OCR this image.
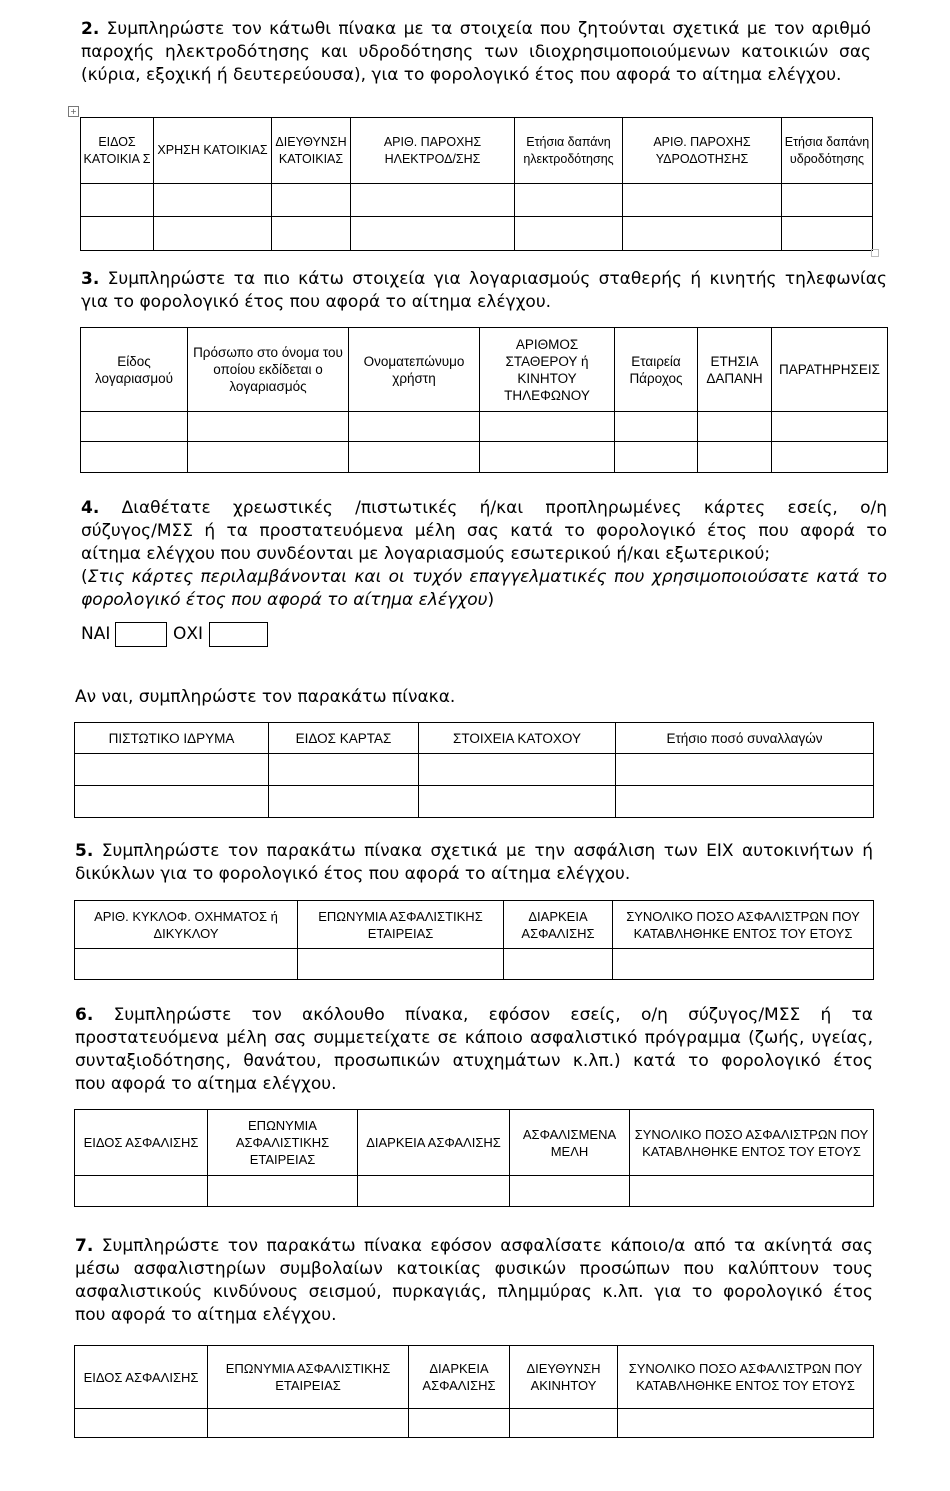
2. Συμπληρώστε τον κάτωθι πίνακα με τα στοιχεία που ζητούνται σχετικά με τον αριθμό
παροχής ηλεκτροδότησης και υδροδότησης των ιδιοχρησιμοποιούμενων κατοικιών σας
(κύρια, εξοχική ή δευτερεύουσα), για το φορολογικό έτος που αφορά το αίτημα ελέγχου.
+
ΕΙΔΟΣ ΚΑΤΟΙΚΙΑ Σ	ΧΡΗΣΗ ΚΑΤΟΙΚΙΑΣ	ΔΙΕΥΘΥΝΣΗ ΚΑΤΟΙΚΙΑΣ	ΑΡΙΘ. ΠΑΡΟΧΗΣ ΗΛΕΚΤΡΟΔ/ΣΗΣ	Ετήσια δαπάνη ηλεκτροδότησης	ΑΡΙΘ. ΠΑΡΟΧΗΣ ΥΔΡΟΔΟΤΗΣΗΣ	Ετήσια δαπάνη υδροδότησης

3. Συμπληρώστε τα πιο κάτω στοιχεία για λογαριασμούς σταθερής ή κινητής τηλεφωνίας
για το φορολογικό έτος που αφορά το αίτημα ελέγχου.
Είδος λογαριασμού	Πρόσωπο στο όνομα του οποίου εκδίδεται ο λογαριασμός	Ονοματεπώνυμο χρήστη	ΑΡΙΘΜΟΣ ΣΤΑΘΕΡΟΥ ή ΚΙΝΗΤΟΥ ΤΗΛΕΦΩΝΟΥ	Εταιρεία Πάροχος	ΕΤΗΣΙΑ ΔΑΠΑΝΗ	ΠΑΡΑΤΗΡΗΣΕΙΣ

4. Διαθέτατε χρεωστικές /πιστωτικές ή/και προπληρωμένες κάρτες εσείς, ο/η
σύζυγος/ΜΣΣ ή τα προστατευόμενα μέλη σας κατά το φορολογικό έτος που αφορά το
αίτημα ελέγχου που συνδέονται με λογαριασμούς εσωτερικού ή/και εξωτερικού;
(Στις κάρτες περιλαμβάνονται και οι τυχόν επαγγελματικές που χρησιμοποιούσατε κατά το
φορολογικό έτος που αφορά το αίτημα ελέγχου)
ΝΑΙ	ΟΧΙ
Αν ναι, συμπληρώστε τον παρακάτω πίνακα.
ΠΙΣΤΩΤΙΚΟ ΙΔΡΥΜΑ	ΕΙΔΟΣ ΚΑΡΤΑΣ	ΣΤΟΙΧΕΙΑ ΚΑΤΟΧΟΥ	Ετήσιο ποσό συναλλαγών

5. Συμπληρώστε τον παρακάτω πίνακα σχετικά με την ασφάλιση των ΕΙΧ αυτοκινήτων ή
δικύκλων για το φορολογικό έτος που αφορά το αίτημα ελέγχου.
ΑΡΙΘ. ΚΥΚΛΟΦ. ΟΧΗΜΑΤΟΣ ή ΔΙΚΥΚΛΟΥ	ΕΠΩΝΥΜΙΑ ΑΣΦΑΛΙΣΤΙΚΗΣ ΕΤΑΙΡΕΙΑΣ	ΔΙΑΡΚΕΙΑ ΑΣΦΑΛΙΣΗΣ	ΣΥΝΟΛΙΚΟ ΠΟΣΟ ΑΣΦΑΛΙΣΤΡΩΝ ΠΟΥ ΚΑΤΑΒΛΗΘΗΚΕ ΕΝΤΟΣ ΤΟΥ ΕΤΟΥΣ

6. Συμπληρώστε τον ακόλουθο πίνακα, εφόσον εσείς, ο/η σύζυγος/ΜΣΣ ή τα
προστατευόμενα μέλη σας συμμετείχατε σε κάποιο ασφαλιστικό πρόγραμμα (ζωής, υγείας,
συνταξιοδότησης, θανάτου, προσωπικών ατυχημάτων κ.λπ.) κατά το φορολογικό έτος
που αφορά το αίτημα ελέγχου.
ΕΙΔΟΣ ΑΣΦΑΛΙΣΗΣ	ΕΠΩΝΥΜΙΑ ΑΣΦΑΛΙΣΤΙΚΗΣ ΕΤΑΙΡΕΙΑΣ	ΔΙΑΡΚΕΙΑ ΑΣΦΑΛΙΣΗΣ	ΑΣΦΑΛΙΣΜΕΝΑ ΜΕΛΗ	ΣΥΝΟΛΙΚΟ ΠΟΣΟ ΑΣΦΑΛΙΣΤΡΩΝ ΠΟΥ ΚΑΤΑΒΛΗΘΗΚΕ ΕΝΤΟΣ ΤΟΥ ΕΤΟΥΣ

7. Συμπληρώστε τον παρακάτω πίνακα εφόσον ασφαλίσατε κάποιο/α από τα ακίνητά σας
μέσω ασφαλιστηρίων συμβολαίων κατοικίας φυσικών προσώπων που καλύπτουν τους
ασφαλιστικούς κινδύνους σεισμού, πυρκαγιάς, πλημμύρας κ.λπ. για το φορολογικό έτος
που αφορά το αίτημα ελέγχου.
ΕΙΔΟΣ ΑΣΦΑΛΙΣΗΣ	ΕΠΩΝΥΜΙΑ ΑΣΦΑΛΙΣΤΙΚΗΣ ΕΤΑΙΡΕΙΑΣ	ΔΙΑΡΚΕΙΑ ΑΣΦΑΛΙΣΗΣ	ΔΙΕΥΘΥΝΣΗ ΑΚΙΝΗΤΟΥ	ΣΥΝΟΛΙΚΟ ΠΟΣΟ ΑΣΦΑΛΙΣΤΡΩΝ ΠΟΥ ΚΑΤΑΒΛΗΘΗΚΕ ΕΝΤΟΣ ΤΟΥ ΕΤΟΥΣ
